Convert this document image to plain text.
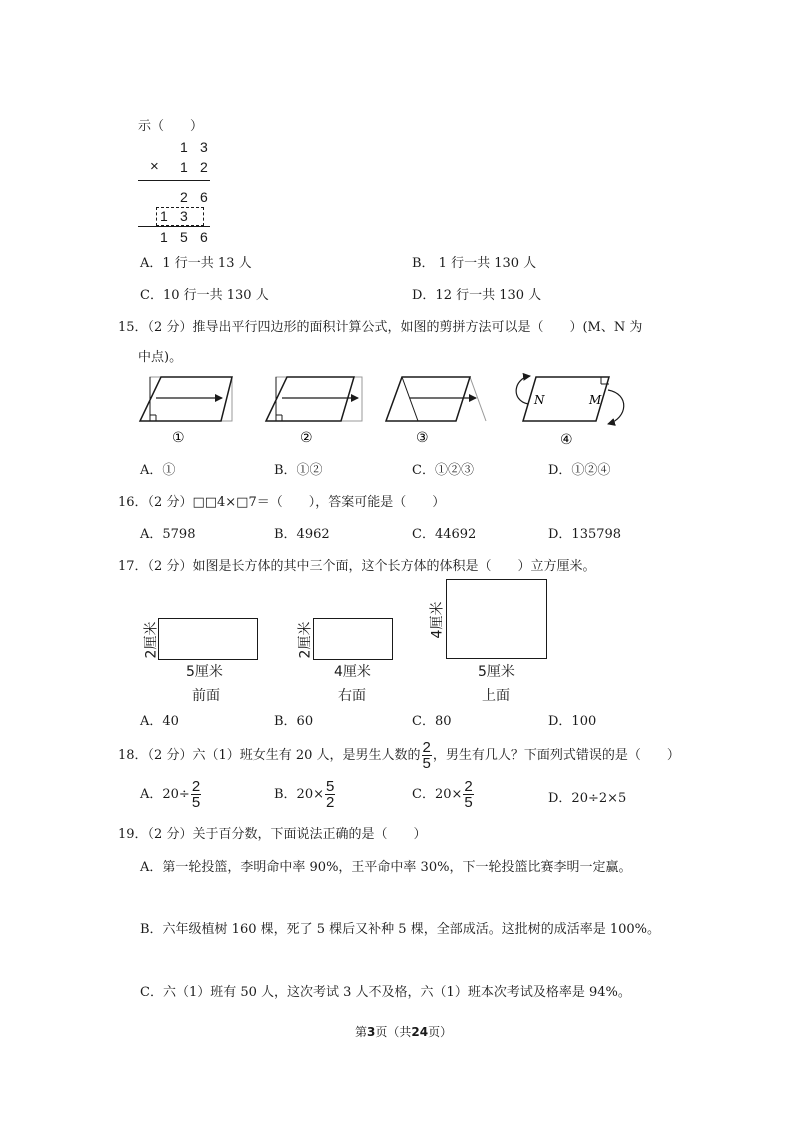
示（　　）
1 3
× 1 2
2 6
1 3
1 5 6
A．1 行一共 13 人	B． 1 行一共 130 人
C．10 行一共 130 人	D．12 行一共 130 人
15．（2 分）推导出平行四边形的面积计算公式，如图的剪拼方法可以是（　　）(M、N 为
中点)。
N	M
①	②	③	④
A．①	B．①②	C．①②③	D．①②④
16．（2 分）□□4×□7＝（　　），答案可能是（　　）
A．5798	B．4962	C．44692	D．135798
17．（2 分）如图是长方体的其中三个面，这个长方体的体积是（　　）立方厘米。
2厘米
5厘米
前面
2厘米
4厘米
右面
4厘米
5厘米
上面
A．40	B．60	C．80	D．100
18．（2 分）六（1）班女生有 20 人，是男生人数的 $\frac{2}{5}$ ，男生有几人？下面列式错误的是（　　）
A．$20\div \frac{2}{5}$	B．$20\times \frac{5}{2}$	C．$20\times \frac{2}{5}$	D．20÷2×5
19．（2 分）关于百分数，下面说法正确的是（　　）
A．第一轮投篮，李明命中率 90%，王平命中率 30%，下一轮投篮比赛李明一定赢。
B．六年级植树 160 棵，死了 5 棵后又补种 5 棵，全部成活。这批树的成活率是 100%。
C．六（1）班有 50 人，这次考试 3 人不及格，六（1）班本次考试及格率是 94%。
第3页（共24页）
